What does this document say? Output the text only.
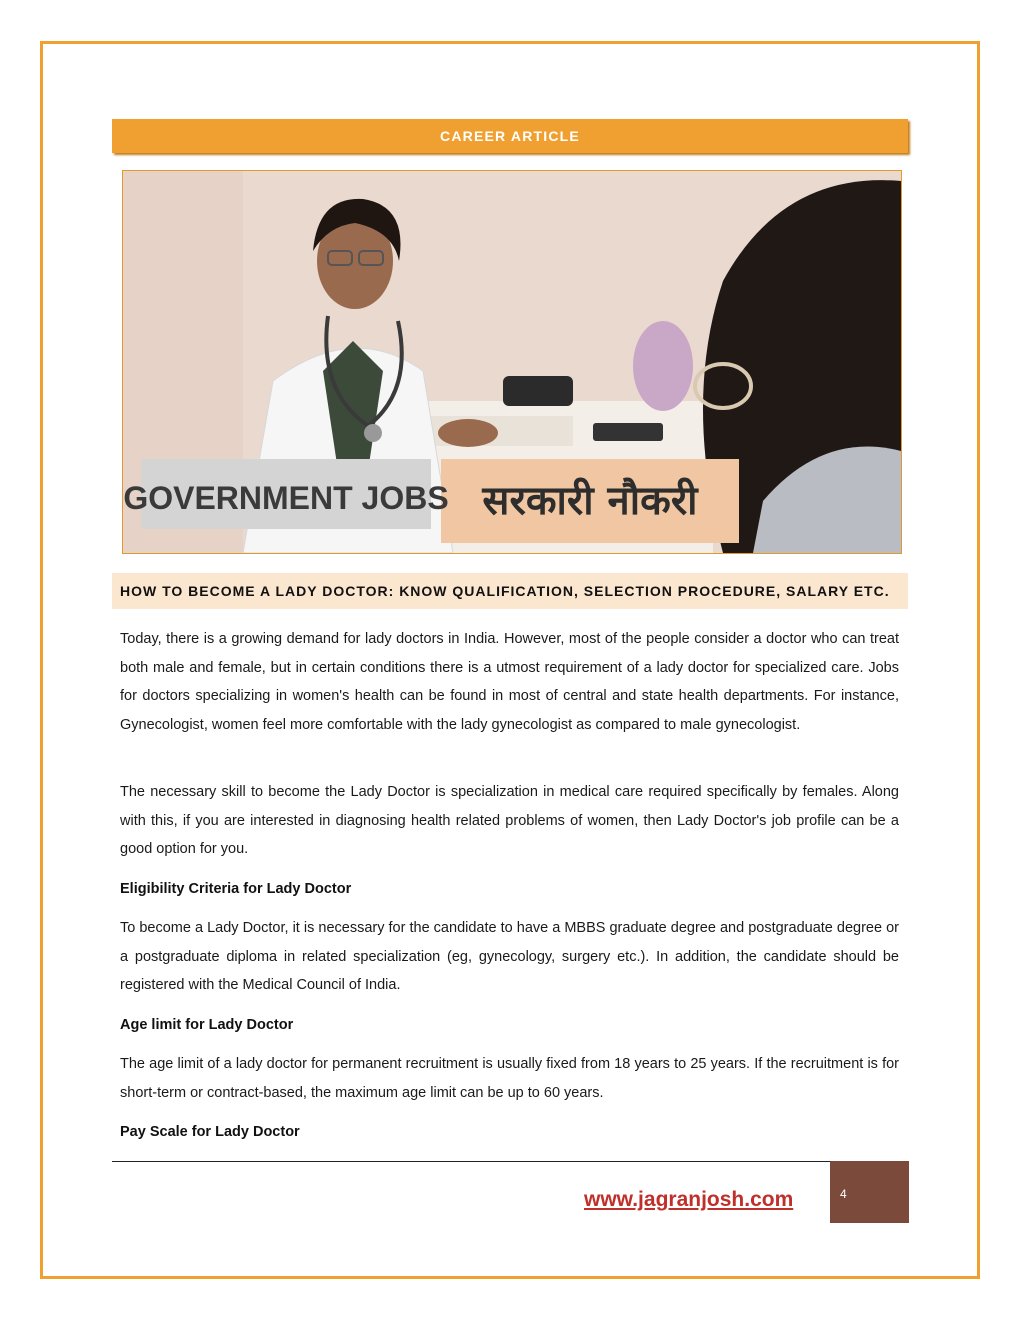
CAREER ARTICLE
GOVERNMENT JOBS सरकारी नौकरी
HOW TO BECOME A LADY DOCTOR: KNOW QUALIFICATION, SELECTION PROCEDURE, SALARY ETC.

Today, there is a growing demand for lady doctors in India. However, most of the people consider a doctor who can treat both male and female, but in certain conditions there is a utmost requirement of a lady doctor for specialized care. Jobs for doctors specializing in women's health can be found in most of central and state health departments. For instance, Gynecologist, women feel more comfortable with the lady gynecologist as compared to male gynecologist.

The necessary skill to become the Lady Doctor is specialization in medical care required specifically by females. Along with this, if you are interested in diagnosing health related problems of women, then Lady Doctor's job profile can be a good option for you.

Eligibility Criteria for Lady Doctor

To become a Lady Doctor, it is necessary for the candidate to have a MBBS graduate degree and postgraduate degree or a postgraduate diploma in related specialization (eg, gynecology, surgery etc.). In addition, the candidate should be registered with the Medical Council of India.

Age limit for Lady Doctor

The age limit of a lady doctor for permanent recruitment is usually fixed from 18 years to 25 years. If the recruitment is for short-term or contract-based, the maximum age limit can be up to 60 years.

Pay Scale for Lady Doctor

www.jagranjosh.com	4
